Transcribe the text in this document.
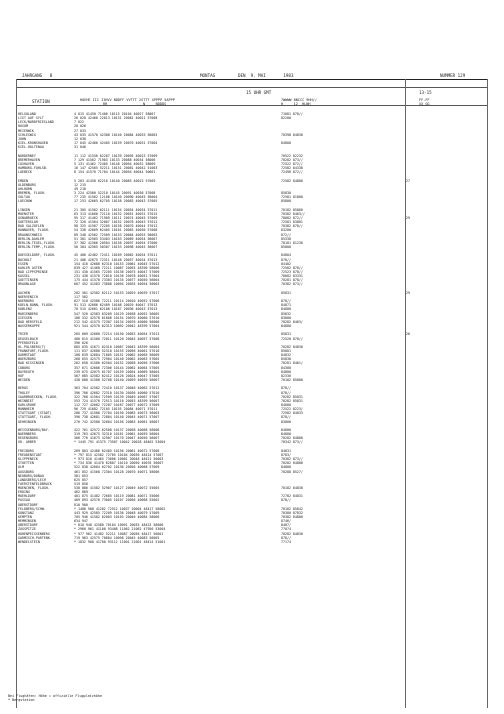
JAHRGANG   8	MONTAG	DEN  9. MAI       1983	NUMMER 129
15 UHR GMT	13-15
STATION	HOEHE III IIHVV NDDFF VVTTT 2STTT 4PPPP 5APPP
RR                 N     NDDDS
7WWWW 8NCCC 9HH//
H     12  HLNH
FF-FF
XX GG
HELGOLAND	4 015 41450 71406 10115 20104 40027 58007	71081 878//
LIST AUF SYLT	26 020 42460 22013 10131 20081 40021 57008	82200
LECK/NORDFRIESLAND	7 022
HUSUM	28 026
MEIERWIK	27 033
SCHLESWIG	43 035 41570 42308 10140 20084 40033 56003	70398 84830
JOHN	12 038
KIEL-KRONSHAGEN	17 045 42466 42405 10159 20070 40031 57004	84800
KIEL-HOLTENAU	31 046
NORDERNEY	11 112 41556 62207 10139 20095 40023 57009	70522 82232
BREMERHAVEN	7 129 41562 71903 10133 20088 40034 58006	70282 873//
CUXHAVEN	5 131 41462 72405 10148 20094 40032 58009	72522 872//
HAMBURG-FUHLSB.	16 147 42565 52211 10151 20081 40042 51003	72582 84330
LUEBECK	8 154 41570 71704 10144 20094 40044 50001	72498 872//
EMDEN	5 203 41458 62216 10140 20085 40023 57009	72582 84800	27
OLDENBURG	12 215
AHLHORN	49 218
BREMEN, FLUGH.	3 224 42560 52210 10145 20091 40036 57008	85830
SOLTAU	77 235 41562 12106 10140 20090 40045 58004	72581 81800
LUECHOW	17 253 42665 62705 10158 20083 40043 57005	85800
LINGEN	21 305 41562 62111 10154 20054 40034 57011	70182 85800
MUENSTER	63 313 41666 72110 10152 20051 40031 57015	70382 8463//
OSNABRUECK	95 317 41462 71909 10111 20074 40045 57009	78082 872//	29
GUETERSLOH	72 320 41564 32007 10152 20078 40043 57012	72581 83801
BAD SALZUFLEN	98 325 41567 72205 10158 20070 40044 57012	70382 878//
HANNOVER, FLUGH.	54 338 42669 62405 10161 20063 40050 57008	83200
BRAUNSCHWEIG	89 348 42562 72509 10153 20064 40053 56003	872//
BERLIN-DAHLEM	51 381 42565 53403 10163 20069 40054 56007	85330
BERLIN-TEGEL,FLUGH.	37 382 41566 20504 10156 20097 40054 57006	70181 81230
BERLIN-TEMP.,FLUGH.	50 384 42565 50307 10153 20098 40045 56007	85800
DUESSELDORF, FLUGH.	45 400 42462 72411 10169 20062 40034 57011	84804
BOCHOLT	21 406 42675 72311 10148 20057 40034 57013	878//
ESSEN	154 410 42686 62310 10153 20061 40045 57012	84402
KAHLER ASTEN	839 427 41460 72211 10087 20055 48390 58006	72582 878//
BAD LIPPSPRINGE	151 430 41565 72205 10136 20075 40047 57009	72523 878//
KASSEL	231 438 41570 72010 10136 20078 40051 57004	78082 83331
GOETTINGEN	175 444 41570 73303 10135 20077 40050 56004	70281 878//
BRAUNLAGE	607 452 41583 73808 10094 20035 40054 50003	70382 873//
AACHEN	202 501 42582 62112 10153 20029 40039 57017	85831	29
NOERVENICH	117 502
NUERBURG	627 510 42586 72211 10114 20010 40052 57006	878//
KOELN-BONN, FLUGH.	91 513 42686 62409 10168 20029 40047 57013	84871
KOBLENZ	70 515 42661 62108 10187 20036 40043 57013	84800
MARIENBERG	547 526 42583 63209 10129 20038 40052 56005	85832
GIESSEN	186 532 42578 61608 10154 20070 40060 57010	83800
BAD HERSFELD	212 542 41575 72307 10134 20076 40060 56000	70282 8463/
WASSERKUPPE	921 544 42570 62313 10092 20042 48399 57004	84800
TRIER	265 609 42680 72214 10150 20053 40054 57013	85831	26
DEUSELBACH	480 615 41580 72011 10120 20045 40057 57008	72520 878//
PFERDSFELD	396 626
HL.POLSBERG(T)	805 635 41671 62410 10087 20043 48399 56004	70282 84830
FRANKFURT,FLUGH.	111 637 42680 52310 10155 20056 40061 57010	85801
DARMSTADT	108 639 42684 71805 10151 20062 40065 56009	84832
WUERZBURG	268 655 42575 72904 10140 20062 40063 57005	85830
BAD KISSINGEN	262 658 41580 62504 10152 20058 40056 57006	70281 8461/
COBURG	357 671 42686 72306 10144 20062 40064 57005	84300
BAYREUTH	239 675 42675 61707 10159 20054 40069 56004	84800
HOF	567 685 42582 62412 10126 20024 40047 57005	82330
WEIDEN	438 688 41580 52708 10140 20059 40059 56007	70182 85800
BERUS	363 704 42582 72410 10137 20046 40062 57012	878//
THOLEY	396 706 42682 72310 10130 20036 40060 57010	878//
SAARBRUECKEN, FLUGH.	322 708 41564 72509 10139 20049 40067 57007	70282 85831
WEINBIET	553 724 41576 72513 10116 20053 48399 56007	70282 85831
KARLSRUHE	112 727 42682 72207 10167 20077 40072 57009	84800
MANNHEIM	96 729 41682 72105 10155 20084 40071 57011	72522 8223/
STUTTGART (STADT)	286 737 41580 72704 10150 20083 40073 56003	72582 84833
STUTTGART, FLUGH.	396 738 42681 72804 10140 20045 40071 57007	878//
OEHRINGEN	276 742 42580 32604 10156 20063 40061 56007	83800
WEISSENBURG/BAY.	422 761 42572 62508 10137 20058 40068 56008	84800
NUERNBERG	319 763 42675 32310 10161 20061 40059 56004	84800
REGENSBURG	366 776 41675 42907 10170 20047 40050 56007	70282 84800
GR. ARBER	* 1445 791 41375 73507 10042 20028 48402 53004	70342 873//
FREIBURG	269 803 42486 62405 10156 20061 40072 57008	84831
FREUDENSTADT	* 797 815 42582 72705 10104 20036 48414 57007	8783/
KLIPPENECK	* 973 818 41465 73006 10081 20048 48421 56003	70382 873//
STOETTEN	* 734 836 41470 62807 10110 20050 40076 56007	70282 84800
ULM	522 838 42684 62702 10136 20056 40068 57009	84800
AUGSBURG	461 852 41560 72304 10128 20070 40071 58006	70288 8527/
NEUBURG/DONAU	381 853
LANDSBERG/LECH	625 857
FUERSTENFELDBRUCK	519 858
MUENCHEN, FLUGH.	530 866 41582 52907 10127 20049 40072 55005	70182 84830
ERDING	462 869
MUEHLDORF	401 875 41482 72605 10119 20081 40071 55006	72782 84831
PASSAU	409 893 42570 73005 10107 20056 40068 55002	878//
OBERSTDORF	810 900
FELDBERG/SCHW.	* 1486 908 41282 72512 10037 20004 48417 58002	70182 85842
KONSTANZ	443 929 42585 72209 10136 20048 40079 57009	70380 87832
KEMPTEN	705 946 41582 62003 10103 20046 40084 58006	70382 84800
MEMMINGEN	634 947	8746/
OBERSTDORF	* 810 948 42580 70104 10091 20035 48423 58006	8487/
ZUGSPITZE	* 2960 961 41100 93408 11062 21062 47956 53004	77074
HOHENPEISSENBERG	* 977 962 41482 52211 10087 20056 48417 56001	70282 84830
GARMISCH-PARTENK.	719 963 42575 70804 10098 20045 40083 56005	878//
WENDELSTEIN	* 1832 980 41700 93112 11001 21001 48414 51001	77174
Bei Flughäfen: Höhe = offizielle Flugplatzhöhe
* Bergstation
